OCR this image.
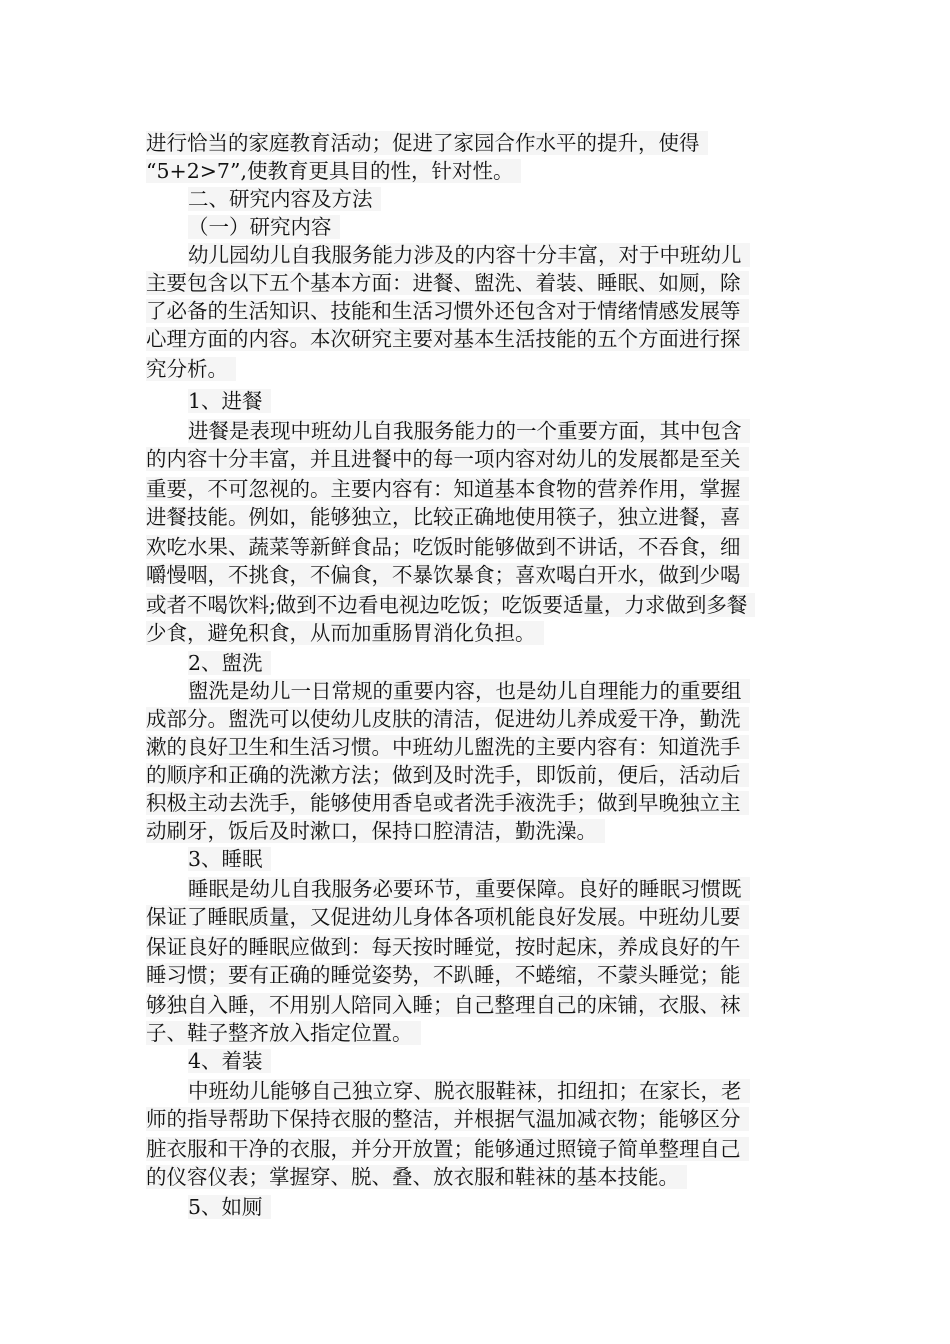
进行恰当的家庭教育活动；促进了家园合作水平的提升，使得
“5+2>7”,使教育更具目的性，针对性。
二、研究内容及方法
（一）研究内容
幼儿园幼儿自我服务能力涉及的内容十分丰富，对于中班幼儿
主要包含以下五个基本方面：进餐、盥洗、着装、睡眠、如厕，除
了必备的生活知识、技能和生活习惯外还包含对于情绪情感发展等
心理方面的内容。本次研究主要对基本生活技能的五个方面进行探
究分析。
1、进餐
进餐是表现中班幼儿自我服务能力的一个重要方面，其中包含
的内容十分丰富，并且进餐中的每一项内容对幼儿的发展都是至关
重要，不可忽视的。主要内容有：知道基本食物的营养作用，掌握
进餐技能。例如，能够独立，比较正确地使用筷子，独立进餐，喜
欢吃水果、蔬菜等新鲜食品；吃饭时能够做到不讲话，不吞食，细
嚼慢咽，不挑食，不偏食，不暴饮暴食；喜欢喝白开水，做到少喝
或者不喝饮料;做到不边看电视边吃饭；吃饭要适量，力求做到多餐
少食，避免积食，从而加重肠胃消化负担。
2、盥洗
盥洗是幼儿一日常规的重要内容，也是幼儿自理能力的重要组
成部分。盥洗可以使幼儿皮肤的清洁，促进幼儿养成爱干净，勤洗
漱的良好卫生和生活习惯。中班幼儿盥洗的主要内容有：知道洗手
的顺序和正确的洗漱方法；做到及时洗手，即饭前，便后，活动后
积极主动去洗手，能够使用香皂或者洗手液洗手；做到早晚独立主
动刷牙，饭后及时漱口，保持口腔清洁，勤洗澡。
3、睡眠
睡眠是幼儿自我服务必要环节，重要保障。良好的睡眠习惯既
保证了睡眠质量，又促进幼儿身体各项机能良好发展。中班幼儿要
保证良好的睡眠应做到：每天按时睡觉，按时起床，养成良好的午
睡习惯；要有正确的睡觉姿势，不趴睡，不蜷缩，不蒙头睡觉；能
够独自入睡，不用别人陪同入睡；自己整理自己的床铺，衣服、袜
子、鞋子整齐放入指定位置。
4、着装
中班幼儿能够自己独立穿、脱衣服鞋袜，扣纽扣；在家长，老
师的指导帮助下保持衣服的整洁，并根据气温加减衣物；能够区分
脏衣服和干净的衣服，并分开放置；能够通过照镜子简单整理自己
的仪容仪表；掌握穿、脱、叠、放衣服和鞋袜的基本技能。
5、如厕
